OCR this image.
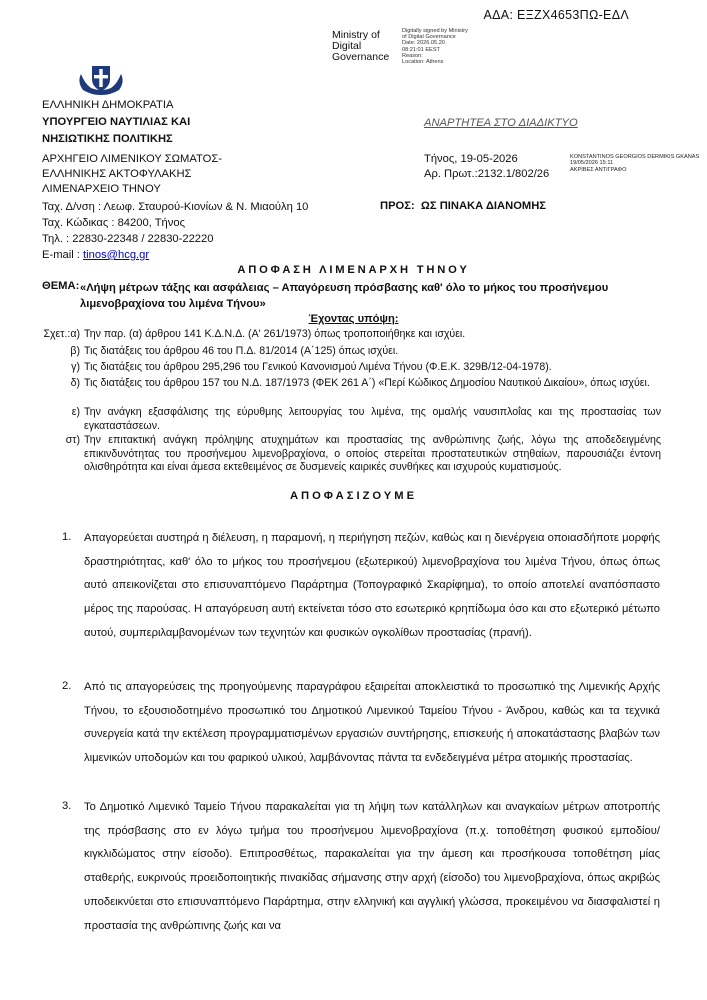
ΑΔΑ: ΕΞΖΧ4653ΠΩ-ΕΔΛ
Ministry of
Digital
Governance
Digitally signed by Ministry
of Digital Governance
Date: 2026.05.20
08:21:01 EEST
Reason:
Location: Athens
ΕΛΛΗΝΙΚΗ ΔΗΜΟΚΡΑΤΙΑ
ΥΠΟΥΡΓΕΙΟ ΝΑΥΤΙΛΙΑΣ ΚΑΙ
ΝΗΣΙΩΤΙΚΗΣ ΠΟΛΙΤΙΚΗΣ
ΑΝΑΡΤΗΤΕΑ ΣΤΟ ΔΙΑΔΙΚΤΥΟ
ΑΡΧΗΓΕΙΟ ΛΙΜΕΝΙΚΟΥ ΣΩΜΑΤΟΣ-
ΕΛΛΗΝΙΚΗΣ ΑΚΤΟΦΥΛΑΚΗΣ
ΛΙΜΕΝΑΡΧΕΙΟ ΤΗΝΟΥ
Ταχ. Δ/νση : Λεωφ. Σταυρού-Κιονίων & Ν. Μιαούλη 10
Ταχ. Κώδικας : 84200, Τήνος
Τηλ. : 22830-22348 / 22830-22220
E-mail : tinos@hcg.gr
Τήνος, 19-05-2026
Αρ. Πρωτ.:2132.1/802/26
KONSTANTINOS GEORGIOS DERMIKIS GKANAS
19/05/2026 15:11
ΑΚΡΙΒΕΣ ΑΝΤΙΓΡΑΦΟ
ΠΡΟΣ: ΩΣ ΠΙΝΑΚΑ ΔΙΑΝΟΜΗΣ
ΑΠΟΦΑΣΗ ΛΙΜΕΝΑΡΧΗ ΤΗΝΟΥ
ΘΕΜΑ: «Λήψη μέτρων τάξης και ασφάλειας – Απαγόρευση πρόσβασης καθ' όλο το μήκος του προσήνεμου λιμενοβραχίονα του λιμένα Τήνου»
Έχοντας υπόψη:
Σχετ.:α) Την παρ. (α) άρθρου 141 Κ.Δ.Ν.Δ. (Α' 261/1973) όπως τροποποιήθηκε και ισχύει.
β) Τις διατάξεις του άρθρου 46 του Π.Δ. 81/2014 (Α΄125) όπως ισχύει.
γ) Τις διατάξεις του άρθρου 295,296 του Γενικού Κανονισμού Λιμένα Τήνου (Φ.Ε.Κ. 329Β/12-04-1978).
δ) Τις διατάξεις του άρθρου 157 του Ν.Δ. 187/1973 (ΦΕΚ 261 Α΄) «Περί Κώδικος Δημοσίου Ναυτικού Δικαίου», όπως ισχύει.
ε) Την ανάγκη εξασφάλισης της εύρυθμης λειτουργίας του λιμένα, της ομαλής ναυσιπλοΐας και της προστασίας των εγκαταστάσεων.
στ) Την επιτακτική ανάγκη πρόληψης ατυχημάτων και προστασίας της ανθρώπινης ζωής, λόγω της αποδεδειγμένης επικινδυνότητας του προσήνεμου λιμενοβραχίονα, ο οποίος στερείται προστατευτικών στηθαίων, παρουσιάζει έντονη ολισθηρότητα και είναι άμεσα εκτεθειμένος σε δυσμενείς καιρικές συνθήκες και ισχυρούς κυματισμούς.
ΑΠΟΦΑΣΙΖΟΥΜΕ
1. Απαγορεύεται αυστηρά η διέλευση, η παραμονή, η περιήγηση πεζών, καθώς και η διενέργεια οποιασδήποτε μορφής δραστηριότητας, καθ' όλο το μήκος του προσήνεμου (εξωτερικού) λιμενοβραχίονα του λιμένα Τήνου, όπως όπως αυτό απεικονίζεται στο επισυναπτόμενο Παράρτημα (Τοπογραφικό Σκαρίφημα), το οποίο αποτελεί αναπόσπαστο μέρος της παρούσας. Η απαγόρευση αυτή εκτείνεται τόσο στο εσωτερικό κρηπίδωμα όσο και στο εξωτερικό μέτωπο αυτού, συμπεριλαμβανομένων των τεχνητών και φυσικών ογκολίθων προστασίας (πρανή).
2. Από τις απαγορεύσεις της προηγούμενης παραγράφου εξαιρείται αποκλειστικά το προσωπικό της Λιμενικής Αρχής Τήνου, το εξουσιοδοτημένο προσωπικό του Δημοτικού Λιμενικού Ταμείου Τήνου - Άνδρου, καθώς και τα τεχνικά συνεργεία κατά την εκτέλεση προγραμματισμένων εργασιών συντήρησης, επισκευής ή αποκατάστασης βλαβών των λιμενικών υποδομών και του φαρικού υλικού, λαμβάνοντας πάντα τα ενδεδειγμένα μέτρα ατομικής προστασίας.
3. Το Δημοτικό Λιμενικό Ταμείο Τήνου παρακαλείται για τη λήψη των κατάλληλων και αναγκαίων μέτρων αποτροπής της πρόσβασης στο εν λόγω τμήμα του προσήνεμου λιμενοβραχίονα (π.χ. τοποθέτηση φυσικού εμποδίου/κιγκλιδώματος στην είσοδο). Επιπροσθέτως, παρακαλείται για την άμεση και προσήκουσα τοποθέτηση μίας σταθερής, ευκρινούς προειδοποιητικής πινακίδας σήμανσης στην αρχή (είσοδο) του λιμενοβραχίονα, όπως ακριβώς υποδεικνύεται στο επισυναπτόμενο Παράρτημα, στην ελληνική και αγγλική γλώσσα, προκειμένου να διασφαλιστεί η προστασία της ανθρώπινης ζωής και να
